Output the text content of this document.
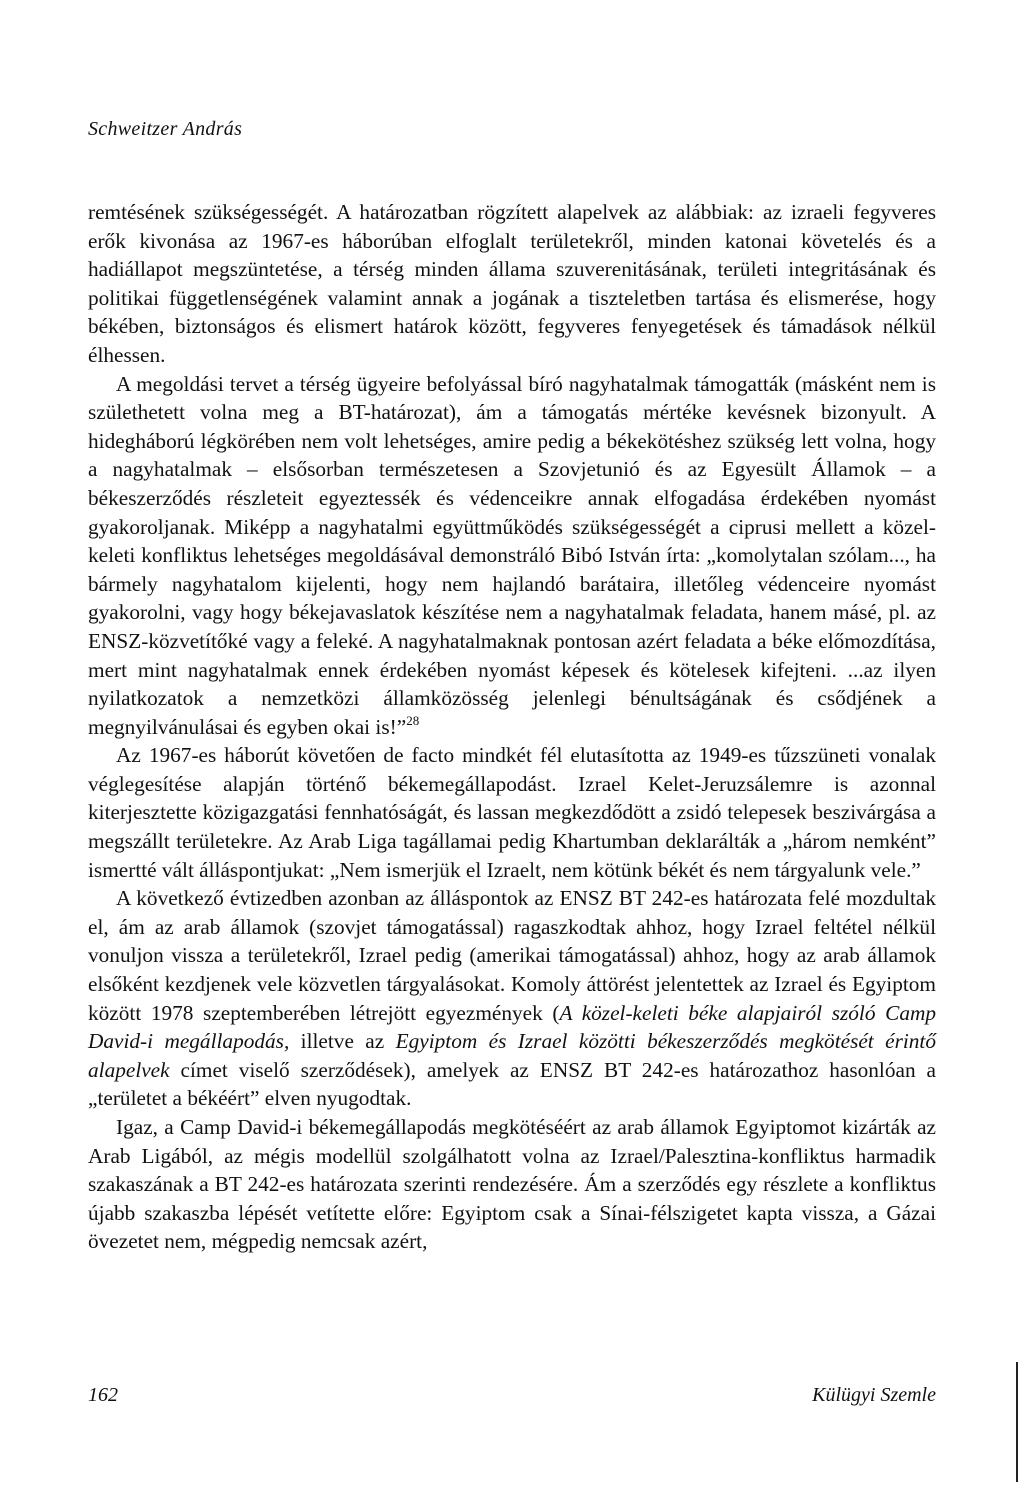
Schweitzer András

remtésének szükségességét. A határozatban rögzített alapelvek az alábbiak: az izraeli fegyveres erők kivonása az 1967-es háborúban elfoglalt területekről, minden katonai követelés és a hadiállapot megszüntetése, a térség minden állama szuverenitásának, területi integritásának és politikai függetlenségének valamint annak a jogának a tiszteletben tartása és elismerése, hogy békében, biztonságos és elismert határok között, fegyveres fenyegetések és támadások nélkül élhessen.

A megoldási tervet a térség ügyeire befolyással bíró nagyhatalmak támogatták (másként nem is születhetett volna meg a BT-határozat), ám a támogatás mértéke kevésnek bizonyult. A hidegháború légkörében nem volt lehetséges, amire pedig a békekötéshez szükség lett volna, hogy a nagyhatalmak – elsősorban természetesen a Szovjetunió és az Egyesült Államok – a békeszerződés részleteit egyeztessék és védenceikre annak elfogadása érdekében nyomást gyakoroljanak. Miképp a nagyhatalmi együttműködés szükségességét a ciprusi mellett a közel-keleti konfliktus lehetséges megoldásával demonstráló Bibó István írta: „komolytalan szólam..., ha bármely nagyhatalom kijelenti, hogy nem hajlandó barátaira, illetőleg védenceire nyomást gyakorolni, vagy hogy békejavaslatok készítése nem a nagyhatalmak feladata, hanem másé, pl. az ENSZ-közvetítőké vagy a feleké. A nagyhatalmaknak pontosan azért feladata a béke előmozdítása, mert mint nagyhatalmak ennek érdekében nyomást képesek és kötelesek kifejteni. ...az ilyen nyilatkozatok a nemzetközi államközösség jelenlegi bénultságának és csődjének a megnyilvánulásai és egyben okai is!”$^{28}$

Az 1967-es háborút követően de facto mindkét fél elutasította az 1949-es tűzszüneti vonalak véglegesítése alapján történő békemegállapodást. Izrael Kelet-Jeruzsálemre is azonnal kiterjesztette közigazgatási fennhatóságát, és lassan megkezdődött a zsidó telepesek beszivárgása a megszállt területekre. Az Arab Liga tagállamai pedig Khartumban deklarálták a „három nemként” ismertté vált álláspontjukat: „Nem ismerjük el Izraelt, nem kötünk békét és nem tárgyalunk vele.”

A következő évtizedben azonban az álláspontok az ENSZ BT 242-es határozata felé mozdultak el, ám az arab államok (szovjet támogatással) ragaszkodtak ahhoz, hogy Izrael feltétel nélkül vonuljon vissza a területekről, Izrael pedig (amerikai támogatással) ahhoz, hogy az arab államok elsőként kezdjenek vele közvetlen tárgyalásokat. Komoly áttörést jelentettek az Izrael és Egyiptom között 1978 szeptemberében létrejött egyezmények (A közel-keleti béke alapjairól szóló Camp David-i megállapodás, illetve az Egyiptom és Izrael közötti békeszerződés megkötését érintő alapelvek címet viselő szerződések), amelyek az ENSZ BT 242-es határozathoz hasonlóan a „területet a békéért” elven nyugodtak.

Igaz, a Camp David-i békemegállapodás megkötéséért az arab államok Egyiptomot kizárták az Arab Ligából, az mégis modellül szolgálhatott volna az Izrael/Palesztina-konfliktus harmadik szakaszának a BT 242-es határozata szerinti rendezésére. Ám a szerződés egy részlete a konfliktus újabb szakaszba lépését vetítette előre: Egyiptom csak a Sínai-félszigetet kapta vissza, a Gázai övezetet nem, mégpedig nemcsak azért,

162	Külügyi Szemle
